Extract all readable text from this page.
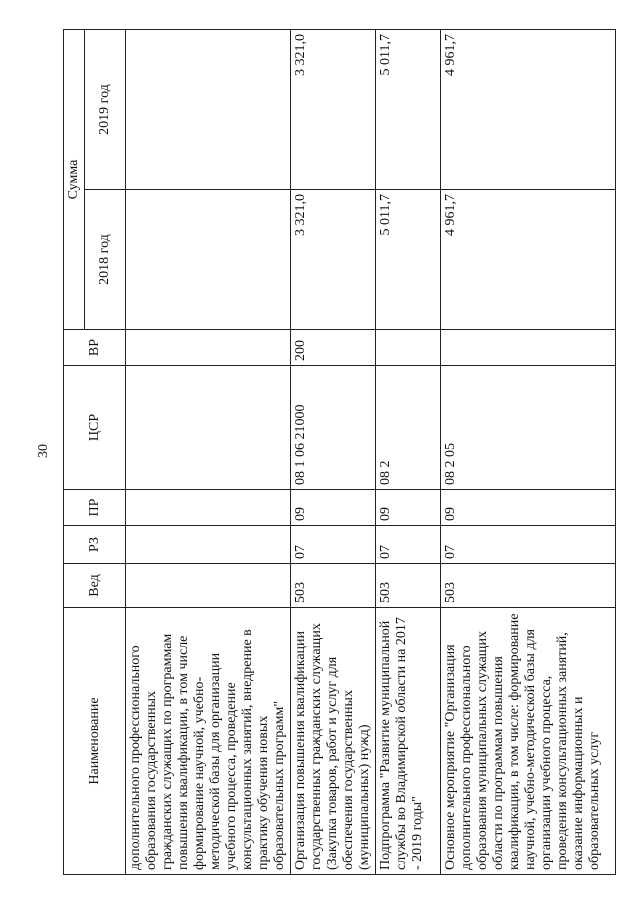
30
Наименование	Вед	РЗ	ПР	ЦСР	ВР	Сумма	
						2018 год	2019 год
дополнительного профессионального образования государственных гражданских служащих по программам повышения квалификации, в том числе формирование научной, учебно-методической базы для организации учебного процесса, проведение консультационных занятий, внедрение в практику обучения новых образовательных программ"							
Организация повышения квалификации государственных гражданских служащих (Закупка товаров, работ и услуг для обеспечения государственных (муниципальных) нужд)	503	07	09	08 1 06 21000	200	3 321,0	3 321,0
Подпрограмма "Развитие муниципальной службы во Владимирской области на 2017 - 2019 годы"	503	07	09	08 2		5 011,7	5 011,7
Основное мероприятие "Организация дополнительного профессионального образования муниципальных служащих области по программам повышения квалификации, в том числе: формирование научной, учебно-методической базы для организации учебного процесса, проведения консультационных занятий, оказание информационных и образовательных услуг	503	07	09	08 2 05		4 961,7	4 961,7
